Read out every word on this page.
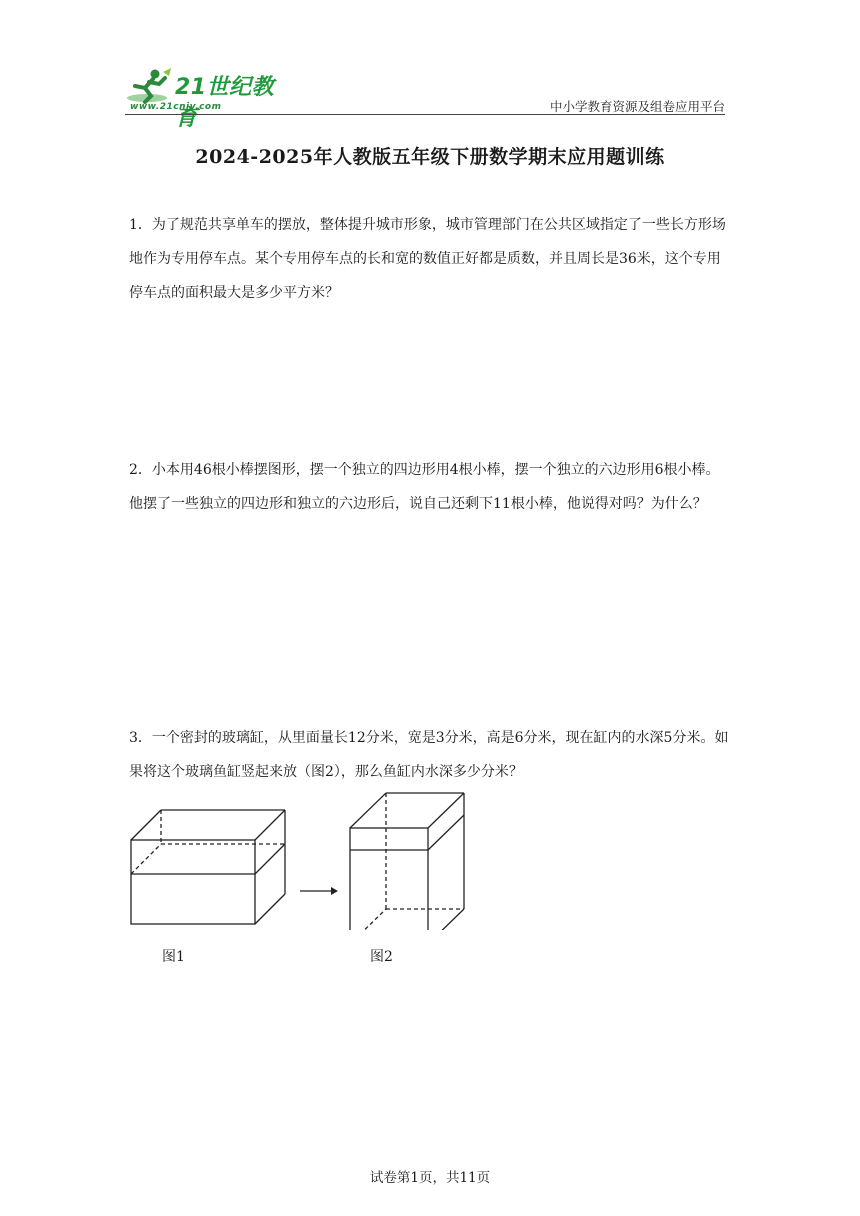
21世纪教育
www.21cnjy.com	中小学教育资源及组卷应用平台
2024-2025年人教版五年级下册数学期末应用题训练

1．为了规范共享单车的摆放，整体提升城市形象，城市管理部门在公共区域指定了一些长方形场地作为专用停车点。某个专用停车点的长和宽的数值正好都是质数，并且周长是36米，这个专用停车点的面积最大是多少平方米？

2．小本用46根小棒摆图形，摆一个独立的四边形用4根小棒，摆一个独立的六边形用6根小棒。他摆了一些独立的四边形和独立的六边形后，说自己还剩下11根小棒，他说得对吗？为什么？

3．一个密封的玻璃缸，从里面量长12分米，宽是3分米，高是6分米，现在缸内的水深5分米。如果将这个玻璃鱼缸竖起来放（图2），那么鱼缸内水深多少分米？

图1	图2
试卷第1页，共11页
